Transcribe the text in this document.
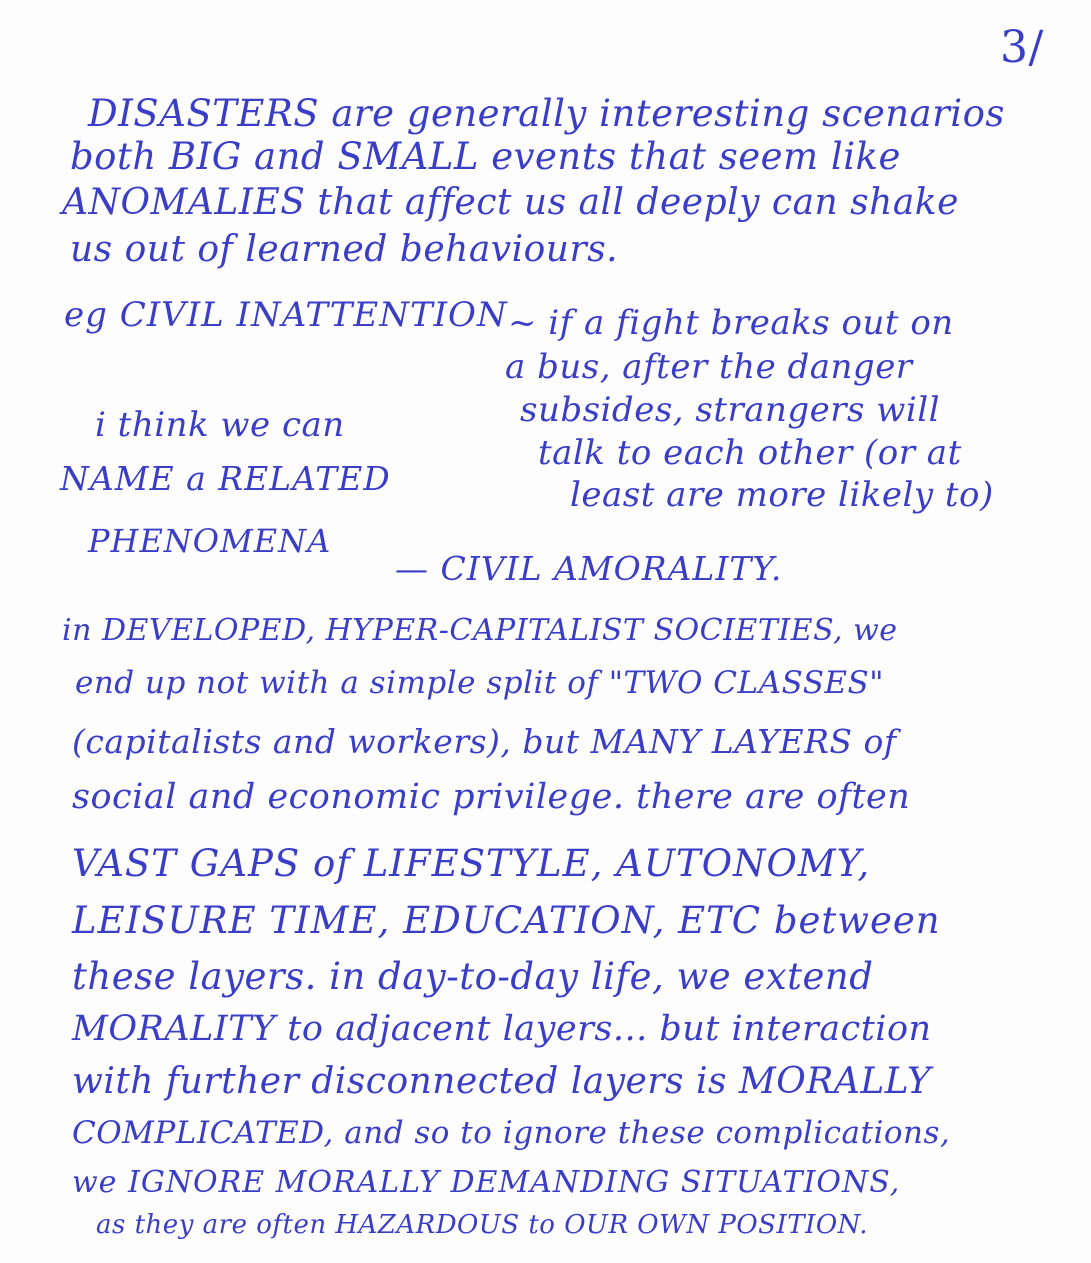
3/
DISASTERS are generally interesting scenarios
both BIG and SMALL events that seem like
ANOMALIES that affect us all deeply can shake
us out of learned behaviours.
eg CIVIL INATTENTION ~ if a fight breaks out on
a bus, after the danger
subsides, strangers will
talk to each other (or at
least are more likely to)
i think we can
NAME a RELATED
PHENOMENA
— CIVIL AMORALITY.
in DEVELOPED, HYPER-CAPITALIST SOCIETIES, we
end up not with a simple split of "TWO CLASSES"
(capitalists and workers), but MANY LAYERS of
social and economic privilege. there are often
VAST GAPS of LIFESTYLE, AUTONOMY,
LEISURE TIME, EDUCATION, ETC between
these layers. in day-to-day life, we extend
MORALITY to adjacent layers... but interaction
with further disconnected layers is MORALLY
COMPLICATED, and so to ignore these complications,
we IGNORE MORALLY DEMANDING SITUATIONS,
as they are often HAZARDOUS to OUR OWN POSITION.
